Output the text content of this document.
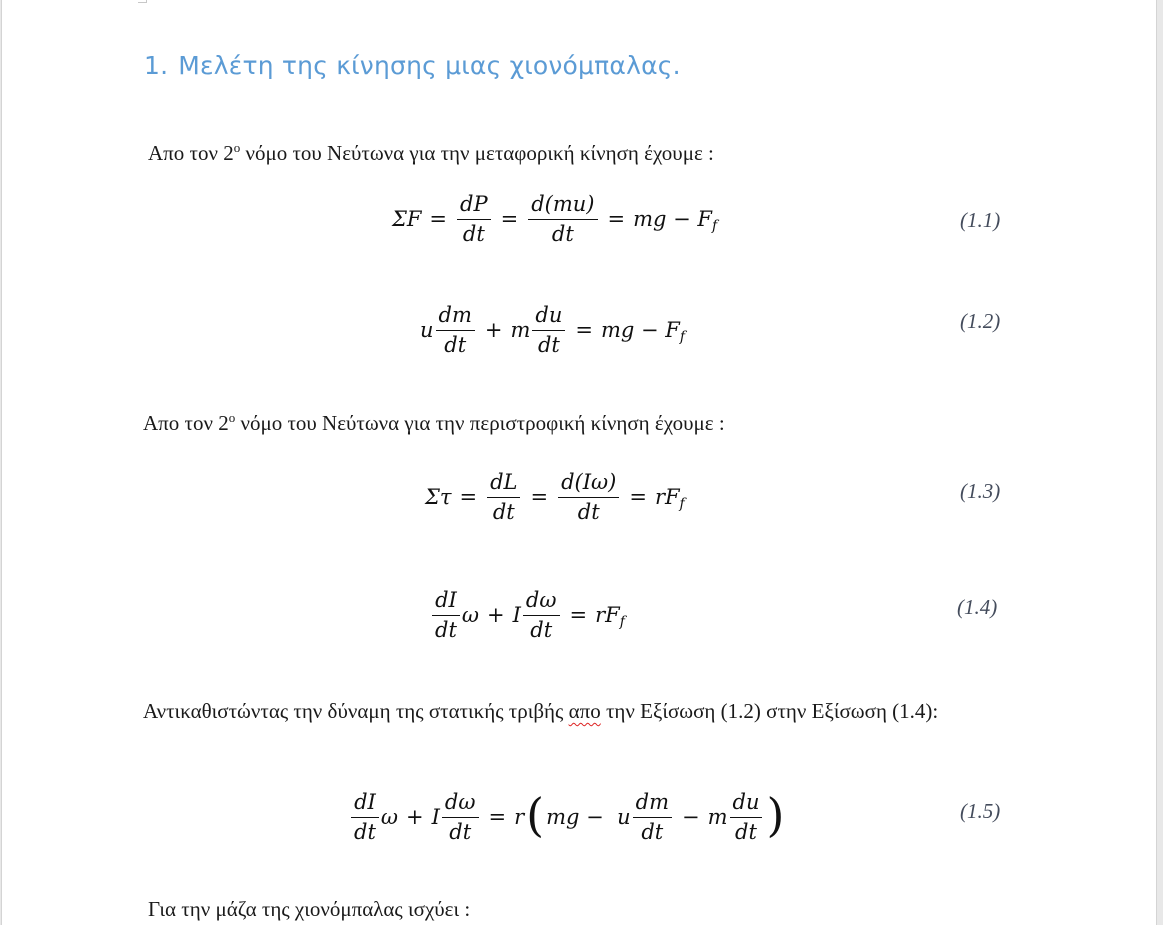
1. Μελέτη της κίνησης μιας χιονόμπαλας.
Απο τον $2^o$ νόμο του Νεύτωνα για την μεταφορική κίνηση έχουμε :
$\Sigma F = \frac{dP}{dt} = \frac{d(mu)}{dt}$ = mg − F f	(1.1)
u $\frac{dm}{dt} + m \frac{du}{dt}$ = mg − F f
(1.2)
Απο τον $2^o$ νόμο του Νεύτωνα για την περιστροφική κίνηση έχουμε :
$\Sigma\tau = \frac{dL}{dt} = \frac{d(I\omega)}{dt}$ = rF f
(1.3)
$\frac{dI}{dt}$ ω + I $\frac{d\omega}{dt}$ = rF f
(1.4)
Αντικαθιστώντας την δύναμη της στατικής τριβής απο την Εξίσωση (1.2) στην Εξίσωση (1.4):
$\frac{dI}{dt}$ ω + I $\frac{d\omega}{dt} = r$ ( mg −  u $\frac{dm}{dt} - m \frac{du}{dt}$ )	(1.5)
Για την μάζα της χιονόμπαλας ισχύει :
